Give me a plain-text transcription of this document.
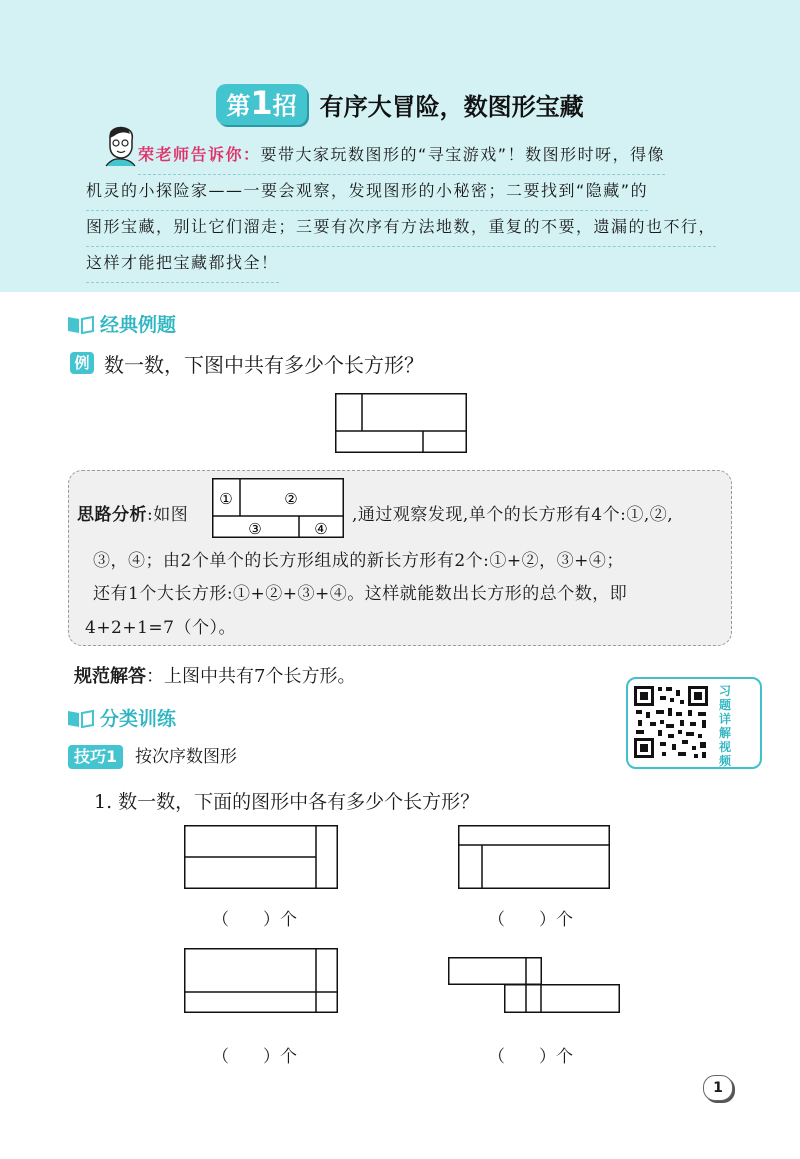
第1招 有序大冒险，数图形宝藏
荣老师告诉你：要带大家玩数图形的“寻宝游戏”！数图形时呀，得像
机灵的小探险家——一要会观察，发现图形的小秘密；二要找到“隐藏”的
图形宝藏，别让它们溜走；三要有次序有方法地数，重复的不要，遗漏的也不行，
这样才能把宝藏都找全！
经典例题
例 数一数，下图中共有多少个长方形？
思路分析:如图	,通过观察发现,单个的长方形有4个:①,②,
③，④；由2个单个的长方形组成的新长方形有2个:①+②，③+④；
还有1个大长方形:①+②+③+④。这样就能数出长方形的总个数，即
4+2+1=7（个）。
①	②
③	④
规范解答：上图中共有7个长方形。
习题详解视频
分类训练
技巧1	按次序数图形
1. 数一数，下面的图形中各有多少个长方形？
（　　）个	（　　）个
（　　）个	（　　）个
1
